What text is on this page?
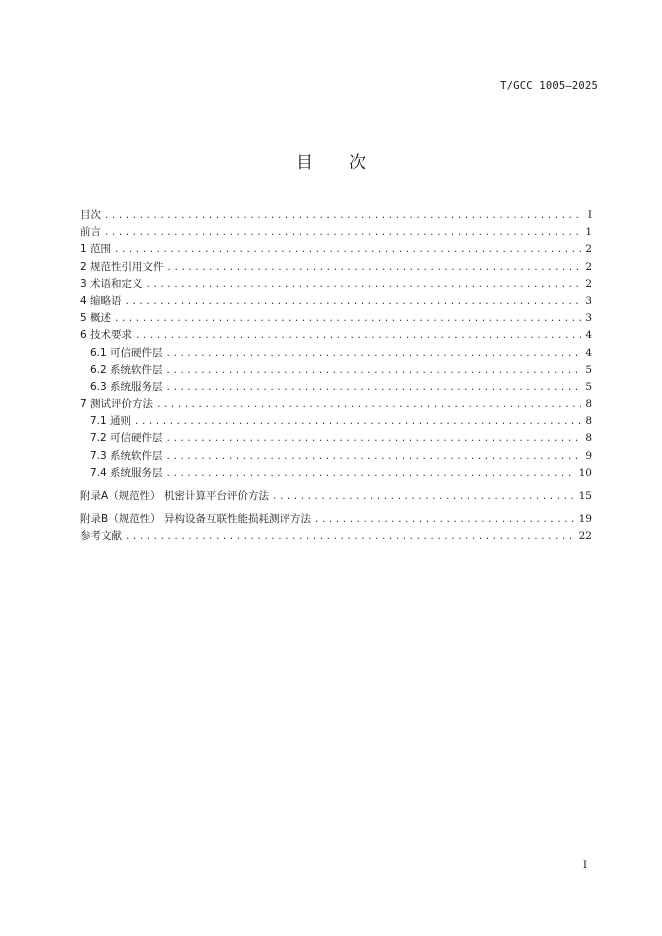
T/GCC 1005—2025
目 次
目次 .....	I
前言 .....	1
1 范围 .....	2
2 规范性引用文件 .....	2
3 术语和定义 .....	2
4 缩略语 .....	3
5 概述 .....	3
6 技术要求 .....	4
6.1 可信硬件层 .....	4
6.2 系统软件层 .....	5
6.3 系统服务层 .....	5
7 测试评价方法 .....	8
7.1 通则 .....	8
7.2 可信硬件层 .....	8
7.3 系统软件层 .....	9
7.4 系统服务层 .....	10
附录A（规范性） 机密计算平台评价方法 .....	15
附录B（规范性） 异构设备互联性能损耗测评方法 .....	19
参考文献 .....	22
I
